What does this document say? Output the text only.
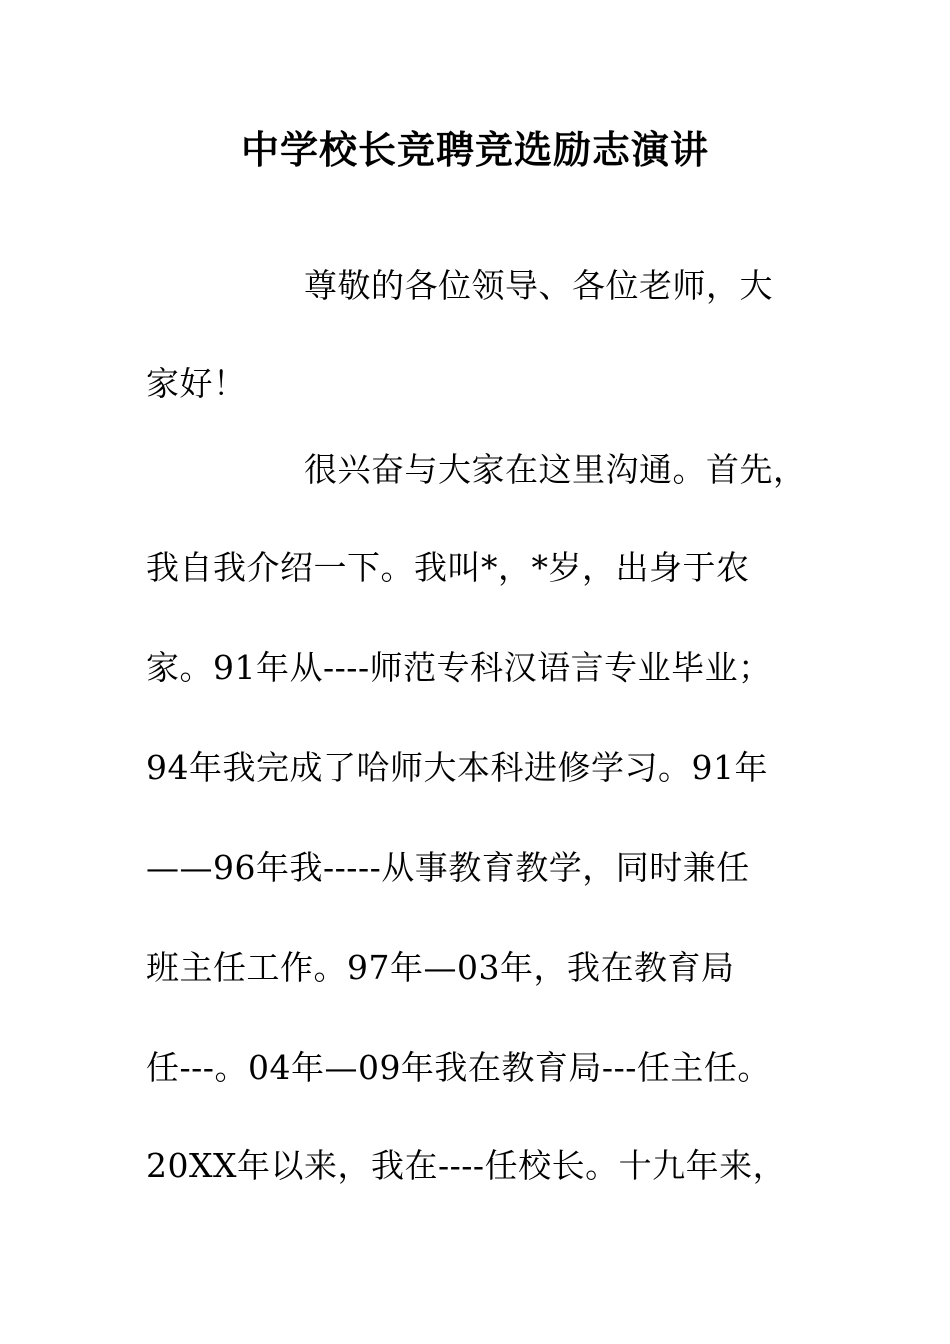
中学校长竞聘竞选励志演讲
尊敬的各位领导、各位老师，大
家好！
很兴奋与大家在这里沟通。首先，
我自我介绍一下。我叫*，*岁，出身于农
家。91年从----师范专科汉语言专业毕业；
94年我完成了哈师大本科进修学习。91年
——96年我-----从事教育教学，同时兼任
班主任工作。97年—03年，我在教育局
任---。04年—09年我在教育局---任主任。
20XX年以来，我在----任校长。十九年来，
